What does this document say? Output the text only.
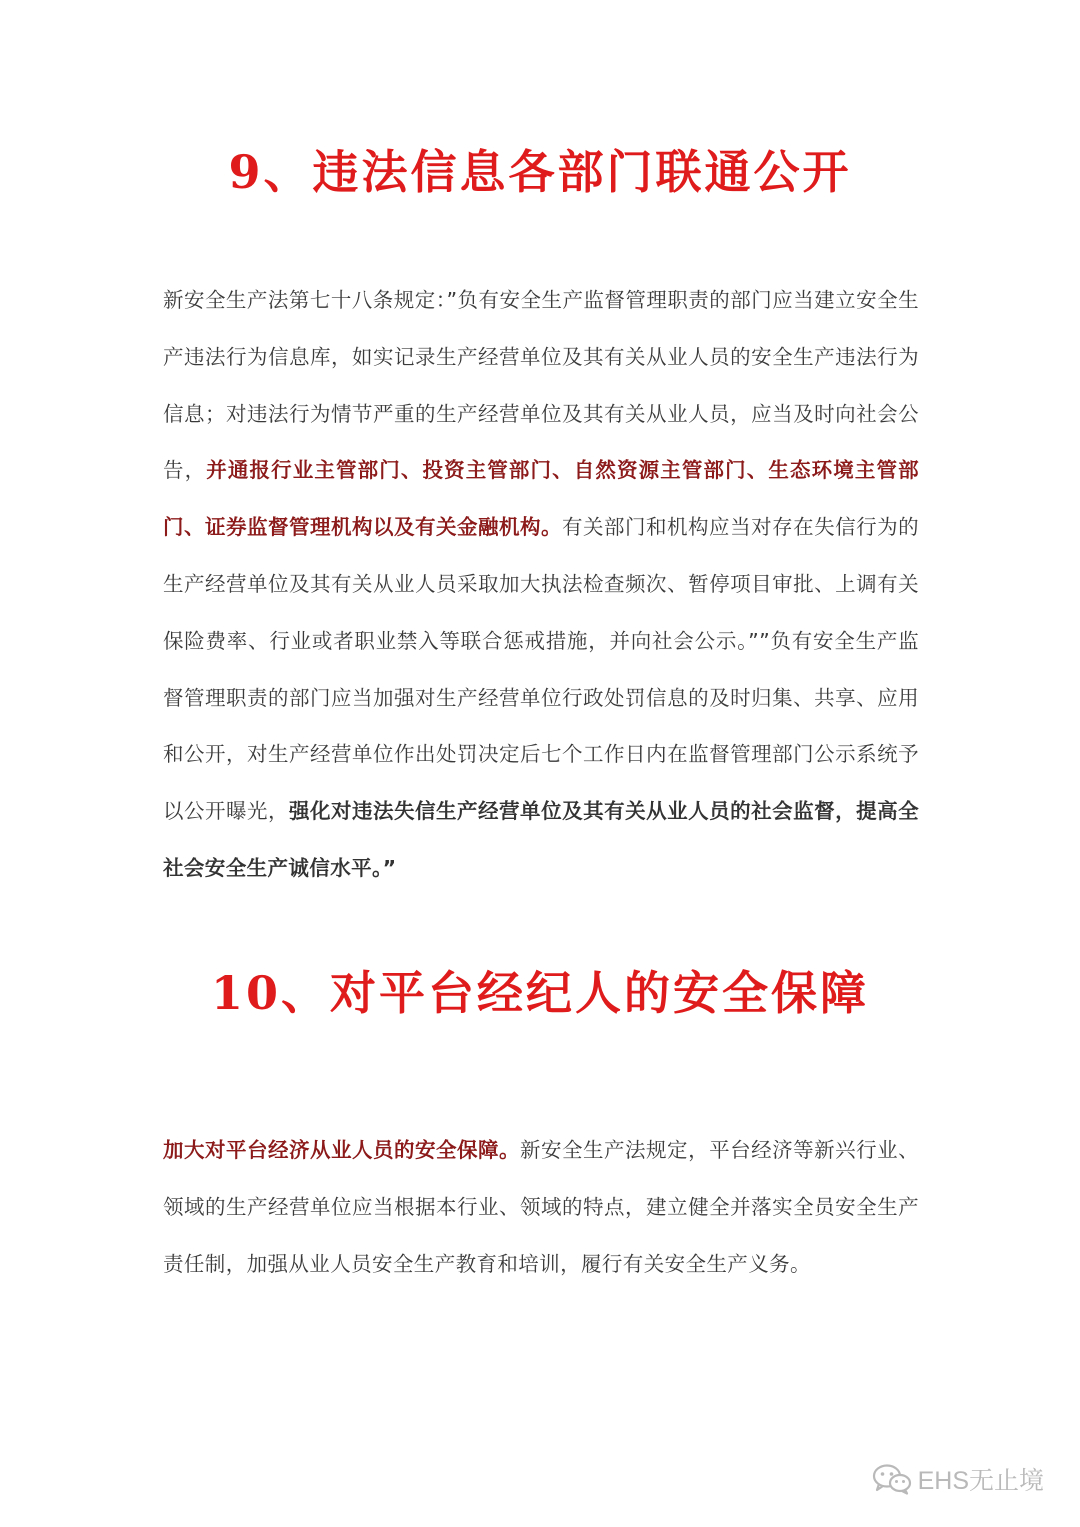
9、违法信息各部门联通公开

新安全生产法第七十八条规定：”负有安全生产监督管理职责的部门应当建立安全生产违法行为信息库，如实记录生产经营单位及其有关从业人员的安全生产违法行为信息；对违法行为情节严重的生产经营单位及其有关从业人员，应当及时向社会公告，并通报行业主管部门、投资主管部门、自然资源主管部门、生态环境主管部门、证券监督管理机构以及有关金融机构。有关部门和机构应当对存在失信行为的生产经营单位及其有关从业人员采取加大执法检查频次、暂停项目审批、上调有关保险费率、行业或者职业禁入等联合惩戒措施，并向社会公示。””负有安全生产监督管理职责的部门应当加强对生产经营单位行政处罚信息的及时归集、共享、应用和公开，对生产经营单位作出处罚决定后七个工作日内在监督管理部门公示系统予以公开曝光，强化对违法失信生产经营单位及其有关从业人员的社会监督，提高全社会安全生产诚信水平。”

10、对平台经纪人的安全保障

加大对平台经济从业人员的安全保障。新安全生产法规定，平台经济等新兴行业、领域的生产经营单位应当根据本行业、领域的特点，建立健全并落实全员安全生产责任制，加强从业人员安全生产教育和培训，履行有关安全生产义务。

EHS无止境
